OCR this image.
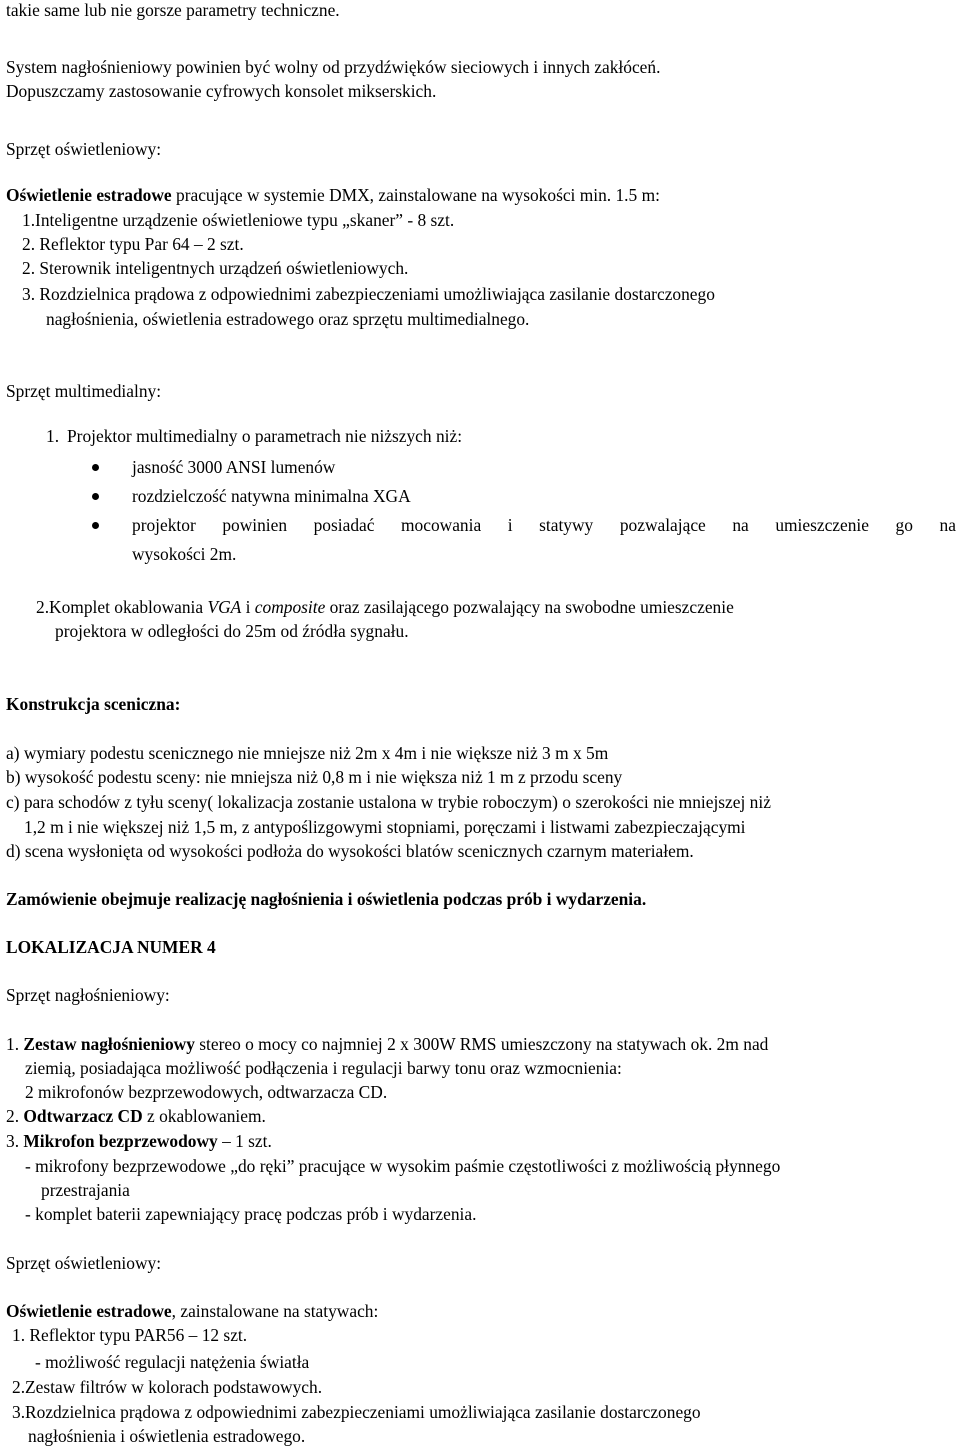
takie same lub nie gorsze parametry techniczne.
System nagłośnieniowy powinien być wolny od przydźwięków sieciowych i innych zakłóceń.
Dopuszczamy zastosowanie cyfrowych konsolet mikserskich.
Sprzęt oświetleniowy:
Oświetlenie estradowe pracujące w systemie DMX, zainstalowane na wysokości min. 1.5 m:
1.Inteligentne urządzenie oświetleniowe typu „skaner” - 8 szt.
2. Reflektor typu Par 64 – 2 szt.
2. Sterownik inteligentnych urządzeń oświetleniowych.
3. Rozdzielnica prądowa z odpowiednimi zabezpieczeniami umożliwiająca zasilanie dostarczonego
nagłośnienia, oświetlenia estradowego oraz sprzętu multimedialnego.
Sprzęt multimedialny:
1. Projektor multimedialny o parametrach nie niższych niż:
jasność 3000 ANSI lumenów
rozdzielczość natywna minimalna XGA
projektor powinien posiadać mocowania i statywy pozwalające na umieszczenie go na
wysokości 2m.
2.Komplet okablowania VGA i composite oraz zasilającego pozwalający na swobodne umieszczenie
projektora w odległości do 25m od źródła sygnału.
Konstrukcja sceniczna:
a) wymiary podestu scenicznego nie mniejsze niż 2m x 4m i nie większe niż 3 m x 5m
b) wysokość podestu sceny: nie mniejsza niż 0,8 m i nie większa niż 1 m z przodu sceny
c) para schodów z tyłu sceny( lokalizacja zostanie ustalona w trybie roboczym) o szerokości nie mniejszej niż
1,2 m i nie większej niż 1,5 m, z antypoślizgowymi stopniami, poręczami i listwami zabezpieczającymi
d) scena wysłonięta od wysokości podłoża do wysokości blatów scenicznych czarnym materiałem.
Zamówienie obejmuje realizację nagłośnienia i oświetlenia podczas prób i wydarzenia.
LOKALIZACJA NUMER 4
Sprzęt nagłośnieniowy:
1. Zestaw nagłośnieniowy stereo o mocy co najmniej 2 x 300W RMS umieszczony na statywach ok. 2m nad
ziemią, posiadająca możliwość podłączenia i regulacji barwy tonu oraz wzmocnienia:
2 mikrofonów bezprzewodowych, odtwarzacza CD.
2. Odtwarzacz CD z okablowaniem.
3. Mikrofon bezprzewodowy – 1 szt.
- mikrofony bezprzewodowe „do ręki” pracujące w wysokim paśmie częstotliwości z możliwością płynnego
przestrajania
- komplet baterii zapewniający pracę podczas prób i wydarzenia.
Sprzęt oświetleniowy:
Oświetlenie estradowe, zainstalowane na statywach:
1. Reflektor typu PAR56 – 12 szt.
- możliwość regulacji natężenia światła
2.Zestaw filtrów w kolorach podstawowych.
3.Rozdzielnica prądowa z odpowiednimi zabezpieczeniami umożliwiająca zasilanie dostarczonego
nagłośnienia i oświetlenia estradowego.
